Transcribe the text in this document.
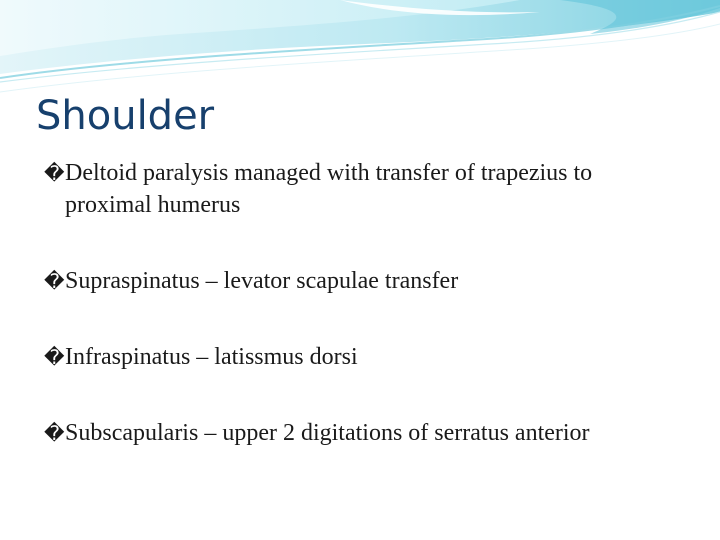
Shoulder
� Deltoid paralysis managed with transfer of trapezius to proximal humerus
� Supraspinatus – levator scapulae transfer
� Infraspinatus – latissmus dorsi
� Subscapularis – upper 2 digitations of serratus anterior
